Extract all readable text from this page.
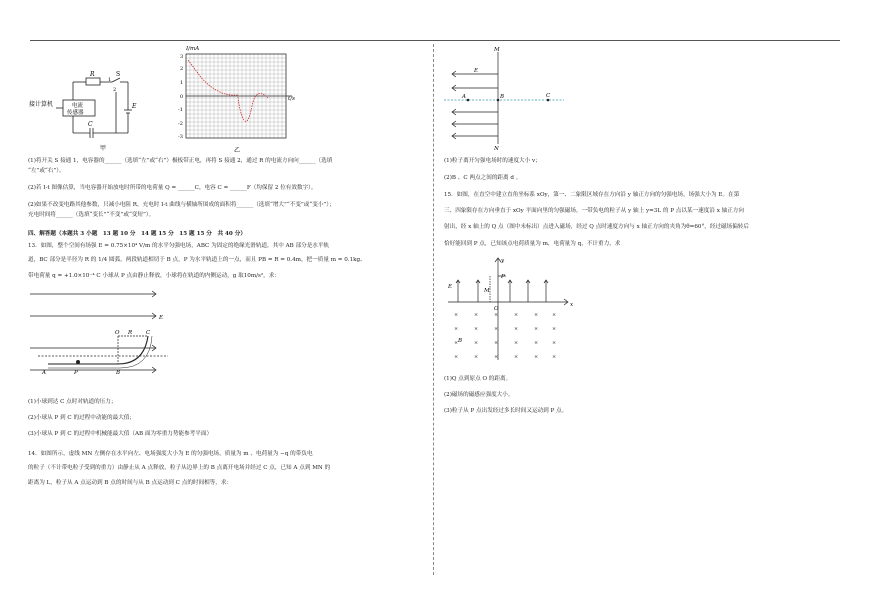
接计算机	电流
传感器
R	S
1
2
C
E
甲
I/mA
3
2
1
0
-1
-2
-3
t/s
乙
(1)将开关 S 接通 1，电容器的______（选填“左”或“右”）极板带正电，再将 S 接通 2，通过 R 的电流方向向______（选填
“左”或“右”）。
(2)若 I-t 图像估算，当电容器开始放电时所带的电荷量 Q = ______C，电容 C = ______F（均保留 2 位有效数字）。
(2)如果不改变电路其他参数，只减小电阻 R，充电时 I-t 曲线与横轴所围成的面积将______（选填“增大”“不变”或“变小”）；
充电时间将______（选填“变长”“不变”或“变短”）。
四、解答题（本题共 3 小题　13 题 10 分　14 题 15 分　15 题 15 分　共 40 分）
13．如图，整个空间有场强 E = 0.75×10⁴ V/m 的水平匀强电场，ABC 为固定的绝缘光滑轨道，其中 AB 部分是水平轨
道，BC 部分是半径为 R 的 1/4 圆弧，两段轨道相切于 B 点，P 为水平轨道上的一点，而且 PB = R = 0.4m，把一质量 m = 0.1kg、
带电荷量 q = +1.0×10⁻⁴ C 小球从 P 点由静止释放，小球将在轨道的内侧运动，g 取10m/s²，求：
E
O R	C
A	P	B
(1)小球到达 C 点时对轨道的压力；
(2)小球从 P 到 C 的过程中动能的最大值；
(3)小球从 P 到 C 的过程中机械能最大值（AB 面为零重力势能参考平面）
14．如图所示，虚线 MN 左侧存在水平向左、电场强度大小为 E 的匀强电场，质量为 m 、电荷量为 −q 的带负电
的粒子（不计带电粒子受到的重力）由静止从 A 点释放，粒子从边界上的 B 点离开电场并经过 C 点，已知 A 点到 MN 的
距离为 L，粒子从 A 点运动到 B 点的时间与从 B 点运动到 C 点的时间相等，求：
M
N
E
A	B	C
(1)粒子离开匀强电场时的速度大小 v；
(2)B 、C 两点之间的距离 d 。
15．如图，在直空中建立直角坐标系 xOy，第一、二象限区域存在方向沿 y 轴正方向的匀强电场，场强大小为 E。在第
三、四象限存在方向垂直于 xOy 平面向里的匀强磁场。一带负电的粒子从 y 轴上 y=3L 的 P 点以某一速度沿 x 轴正方向
射出，经 x 轴上的 Q 点（图中未标出）点进入磁场，经过 Q 点时速度方向与 x 轴正方向的夹角为θ=60°，经过磁场偏转后
恰好能回到 P 点，已知该点电荷质量为 m，电荷量为 q，不计重力，求
×	×	×	×	×	×
×	×	×	×	×	×
×	×	×	×	×	×
×	×	×	×	×	×
y
P
M
E
O
x
B
(1)Q 点到原点 O 的距离。
(2)磁场的磁感应强度大小。
(3)粒子从 P 点出发经过多长时间又运动到 P 点。
